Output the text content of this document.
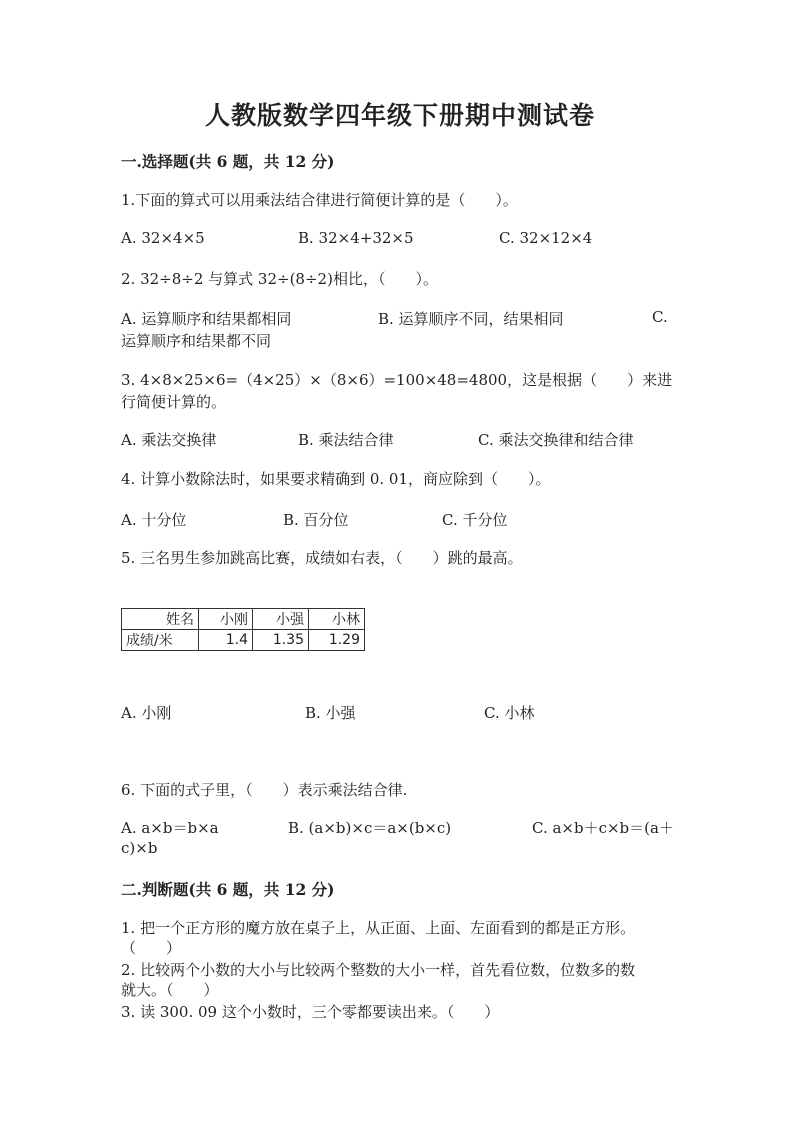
人教版数学四年级下册期中测试卷
一.选择题(共 6 题，共 12 分)
1.下面的算式可以用乘法结合律进行简便计算的是（　　）。
A. 32×4×5	B. 32×4+32×5	C. 32×12×4
2. 32÷8÷2 与算式 32÷(8÷2)相比，（　　）。
A. 运算顺序和结果都相同	B. 运算顺序不同，结果相同	C.
运算顺序和结果都不同
3. 4×8×25×6=（4×25）×（8×6）=100×48=4800，这是根据（　　）来进
行简便计算的。
A. 乘法交换律	B. 乘法结合律	C. 乘法交换律和结合律
4. 计算小数除法时，如果要求精确到 0. 01，商应除到（　　）。
A. 十分位	B. 百分位	C. 千分位
5. 三名男生参加跳高比赛，成绩如右表，（　　）跳的最高。
姓名	小刚	小强	小林
成绩/米	1.4	1.35	1.29
A. 小刚	B. 小强	C. 小林
6. 下面的式子里，（　　）表示乘法结合律.
A. a×b＝b×a	B. (a×b)×c＝a×(b×c)	C. a×b＋c×b＝(a＋
c)×b
二.判断题(共 6 题，共 12 分)
1. 把一个正方形的魔方放在桌子上，从正面、上面、左面看到的都是正方形。
（　　）
2. 比较两个小数的大小与比较两个整数的大小一样，首先看位数，位数多的数
就大。（　　）
3. 读 300. 09 这个小数时，三个零都要读出来。（　　）
